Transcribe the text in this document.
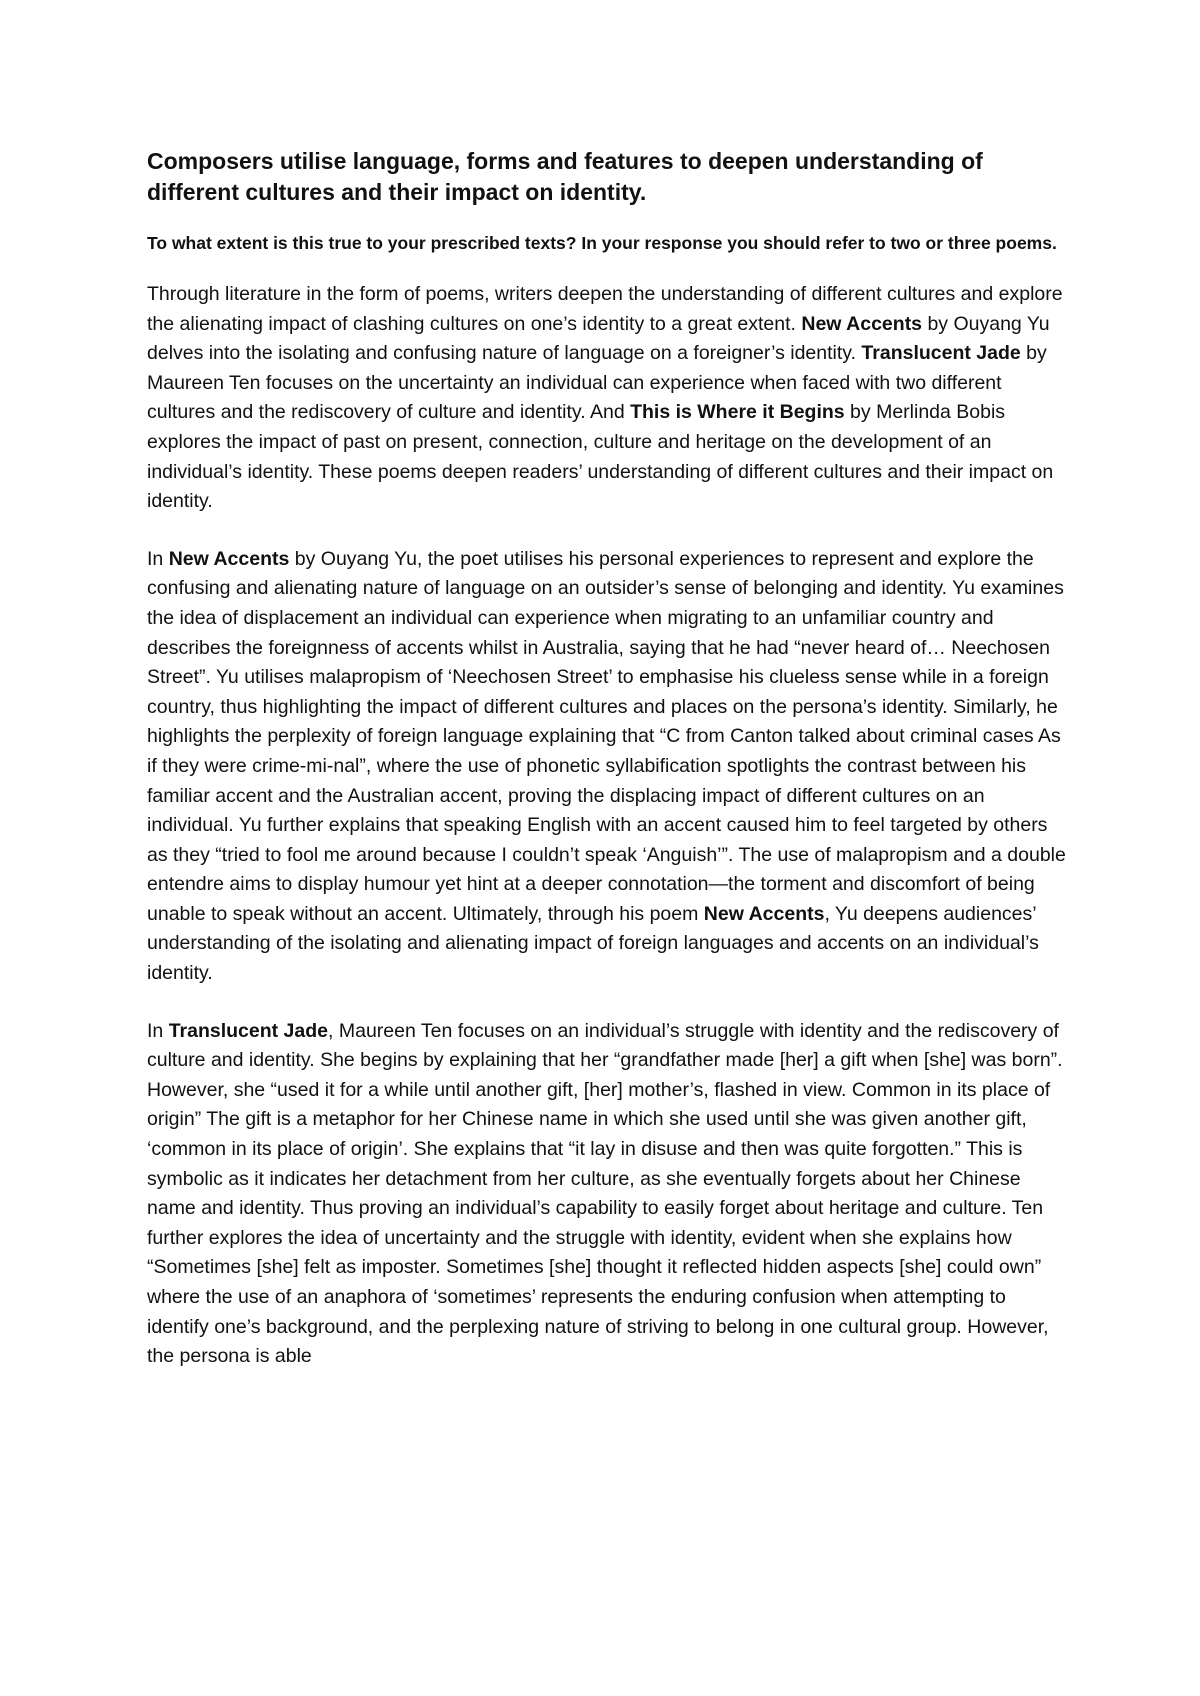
Composers utilise language, forms and features to deepen understanding of different cultures and their impact on identity.
To what extent is this true to your prescribed texts? In your response you should refer to two or three poems.

Through literature in the form of poems, writers deepen the understanding of different cultures and explore the alienating impact of clashing cultures on one’s identity to a great extent. New Accents by Ouyang Yu delves into the isolating and confusing nature of language on a foreigner’s identity. Translucent Jade by Maureen Ten focuses on the uncertainty an individual can experience when faced with two different cultures and the rediscovery of culture and identity. And This is Where it Begins by Merlinda Bobis explores the impact of past on present, connection, culture and heritage on the development of an individual’s identity. These poems deepen readers’ understanding of different cultures and their impact on identity.

In New Accents by Ouyang Yu, the poet utilises his personal experiences to represent and explore the confusing and alienating nature of language on an outsider’s sense of belonging and identity. Yu examines the idea of displacement an individual can experience when migrating to an unfamiliar country and describes the foreignness of accents whilst in Australia, saying that he had “never heard of… Neechosen Street”. Yu utilises malapropism of ‘Neechosen Street’ to emphasise his clueless sense while in a foreign country, thus highlighting the impact of different cultures and places on the persona’s identity. Similarly, he highlights the perplexity of foreign language explaining that “C from Canton talked about criminal cases As if they were crime-mi-nal”, where the use of phonetic syllabification spotlights the contrast between his familiar accent and the Australian accent, proving the displacing impact of different cultures on an individual. Yu further explains that speaking English with an accent caused him to feel targeted by others as they “tried to fool me around because I couldn’t speak ‘Anguish’”. The use of malapropism and a double entendre aims to display humour yet hint at a deeper connotation—the torment and discomfort of being unable to speak without an accent. Ultimately, through his poem New Accents, Yu deepens audiences’ understanding of the isolating and alienating impact of foreign languages and accents on an individual’s identity.

In Translucent Jade, Maureen Ten focuses on an individual’s struggle with identity and the rediscovery of culture and identity. She begins by explaining that her “grandfather made [her] a gift when [she] was born”. However, she “used it for a while until another gift, [her] mother’s, flashed in view. Common in its place of origin” The gift is a metaphor for her Chinese name in which she used until she was given another gift, ‘common in its place of origin’. She explains that “it lay in disuse and then was quite forgotten.” This is symbolic as it indicates her detachment from her culture, as she eventually forgets about her Chinese name and identity. Thus proving an individual’s capability to easily forget about heritage and culture. Ten further explores the idea of uncertainty and the struggle with identity, evident when she explains how “Sometimes [she] felt as imposter. Sometimes [she] thought it reflected hidden aspects [she] could own” where the use of an anaphora of ‘sometimes’ represents the enduring confusion when attempting to identify one’s background, and the perplexing nature of striving to belong in one cultural group. However, the persona is able
